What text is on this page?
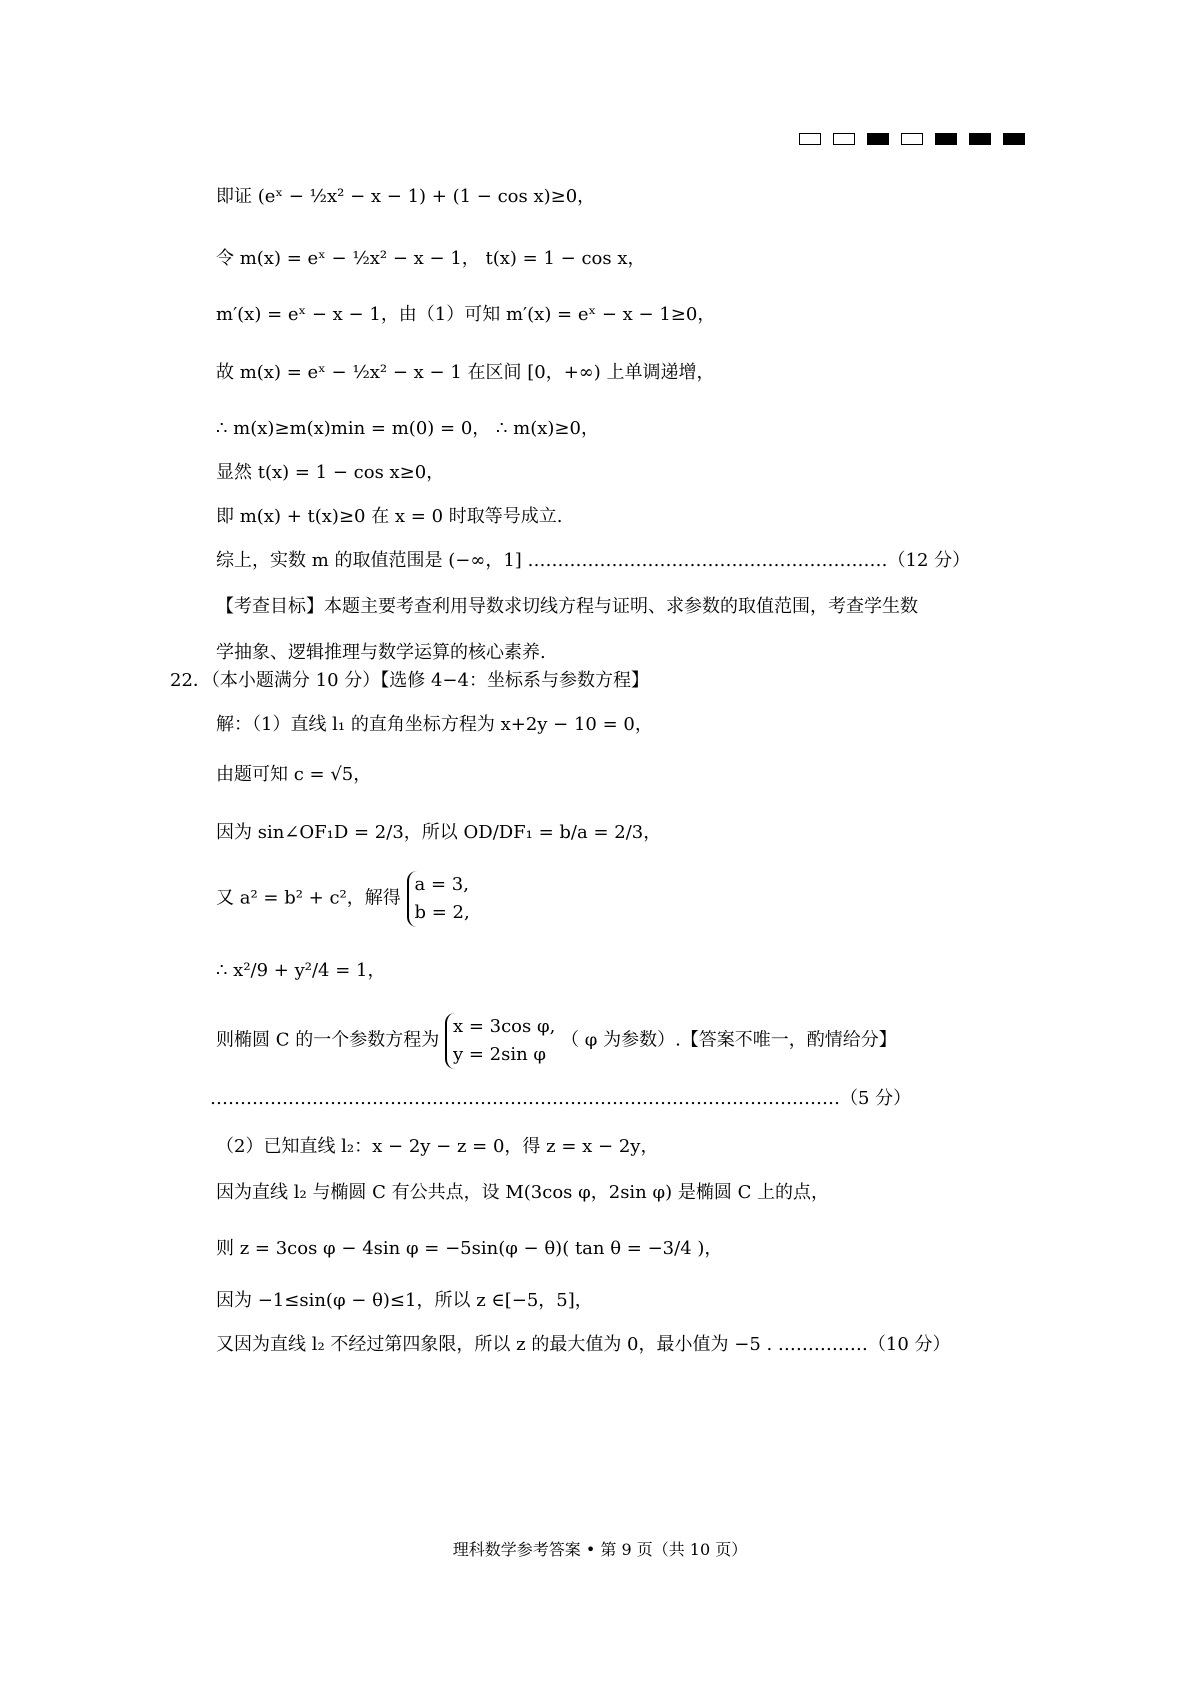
即证 (eˣ − ½x² − x − 1) + (1 − cos x)≥0，
令 m(x) = eˣ − ½x² − x − 1， t(x) = 1 − cos x，
m′(x) = eˣ − x − 1，由（1）可知 m′(x) = eˣ − x − 1≥0，
故 m(x) = eˣ − ½x² − x − 1 在区间 [0，+∞) 上单调递增，
∴ m(x)≥m(x)min = m(0) = 0， ∴ m(x)≥0，
显然 t(x) = 1 − cos x≥0，
即 m(x) + t(x)≥0 在 x = 0 时取等号成立.
综上，实数 m 的取值范围是 (−∞，1] ……………………………………………………（12 分）
【考查目标】本题主要考查利用导数求切线方程与证明、求参数的取值范围，考查学生数
学抽象、逻辑推理与数学运算的核心素养.
22．（本小题满分 10 分）【选修 4−4：坐标系与参数方程】
解：（1）直线 l₁ 的直角坐标方程为 x+2y − 10 = 0，
由题可知 c = √5，
因为 sin∠OF₁D = 2/3，所以 OD/DF₁ = b/a = 2/3，
又 a² = b² + c²，解得
a = 3,
b = 2,
∴ x²/9 + y²/4 = 1，
则椭圆 C 的一个参数方程为
x = 3cos φ,
y = 2sin φ
（ φ 为参数）.【答案不唯一，酌情给分】
……………………………………………………………………………………………（5 分）
（2）已知直线 l₂：x − 2y − z = 0，得 z = x − 2y，
因为直线 l₂ 与椭圆 C 有公共点，设 M(3cos φ，2sin φ) 是椭圆 C 上的点，
则 z = 3cos φ − 4sin φ = −5sin(φ − θ)( tan θ = −3/4 )，
因为 −1≤sin(φ − θ)≤1，所以 z ∈[−5，5]，
又因为直线 l₂ 不经过第四象限，所以 z 的最大值为 0，最小值为 −5 . ……………（10 分）
理科数学参考答案 • 第 9 页（共 10 页）
